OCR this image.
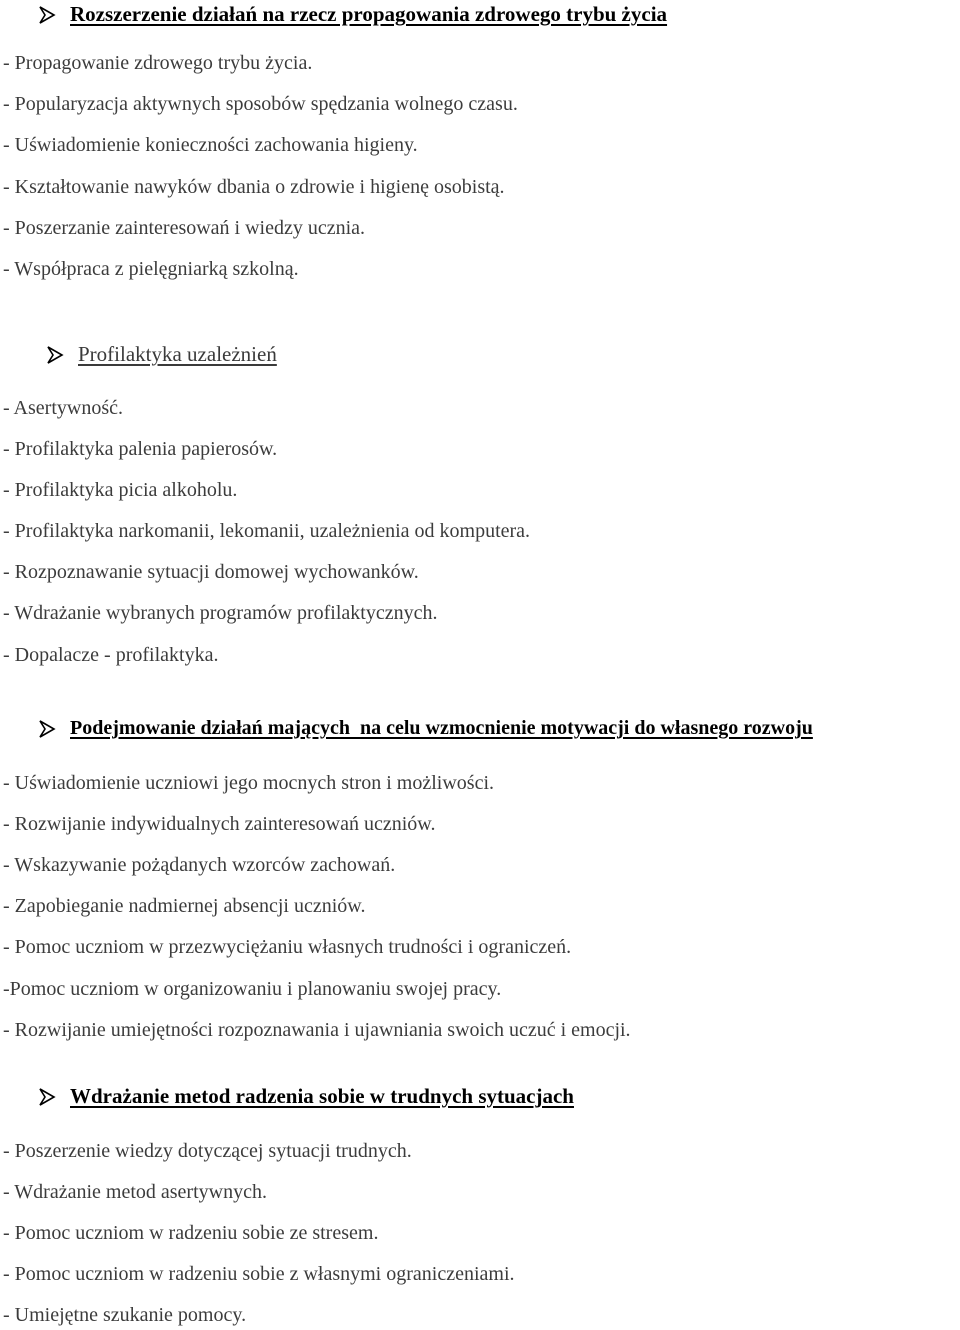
Rozszerzenie działań na rzecz propagowania zdrowego trybu życia
- Propagowanie zdrowego trybu życia.
- Popularyzacja aktywnych sposobów spędzania wolnego czasu.
- Uświadomienie konieczności zachowania higieny.
- Kształtowanie nawyków dbania o zdrowie i higienę osobistą.
- Poszerzanie zainteresowań i wiedzy ucznia.
- Współpraca z pielęgniarką szkolną.
Profilaktyka uzależnień
- Asertywność.
- Profilaktyka palenia papierosów.
- Profilaktyka picia alkoholu.
- Profilaktyka narkomanii, lekomanii, uzależnienia od komputera.
- Rozpoznawanie sytuacji domowej wychowanków.
- Wdrażanie wybranych programów profilaktycznych.
- Dopalacze - profilaktyka.
Podejmowanie działań mających  na celu wzmocnienie motywacji do własnego rozwoju
- Uświadomienie uczniowi jego mocnych stron i możliwości.
- Rozwijanie indywidualnych zainteresowań uczniów.
- Wskazywanie pożądanych wzorców zachowań.
- Zapobieganie nadmiernej absencji uczniów.
- Pomoc uczniom w przezwyciężaniu własnych trudności i ograniczeń.
-Pomoc uczniom w organizowaniu i planowaniu swojej pracy.
- Rozwijanie umiejętności rozpoznawania i ujawniania swoich uczuć i emocji.
Wdrażanie metod radzenia sobie w trudnych sytuacjach
- Poszerzenie wiedzy dotyczącej sytuacji trudnych.
- Wdrażanie metod asertywnych.
- Pomoc uczniom w radzeniu sobie ze stresem.
- Pomoc uczniom w radzeniu sobie z własnymi ograniczeniami.
- Umiejętne szukanie pomocy.
